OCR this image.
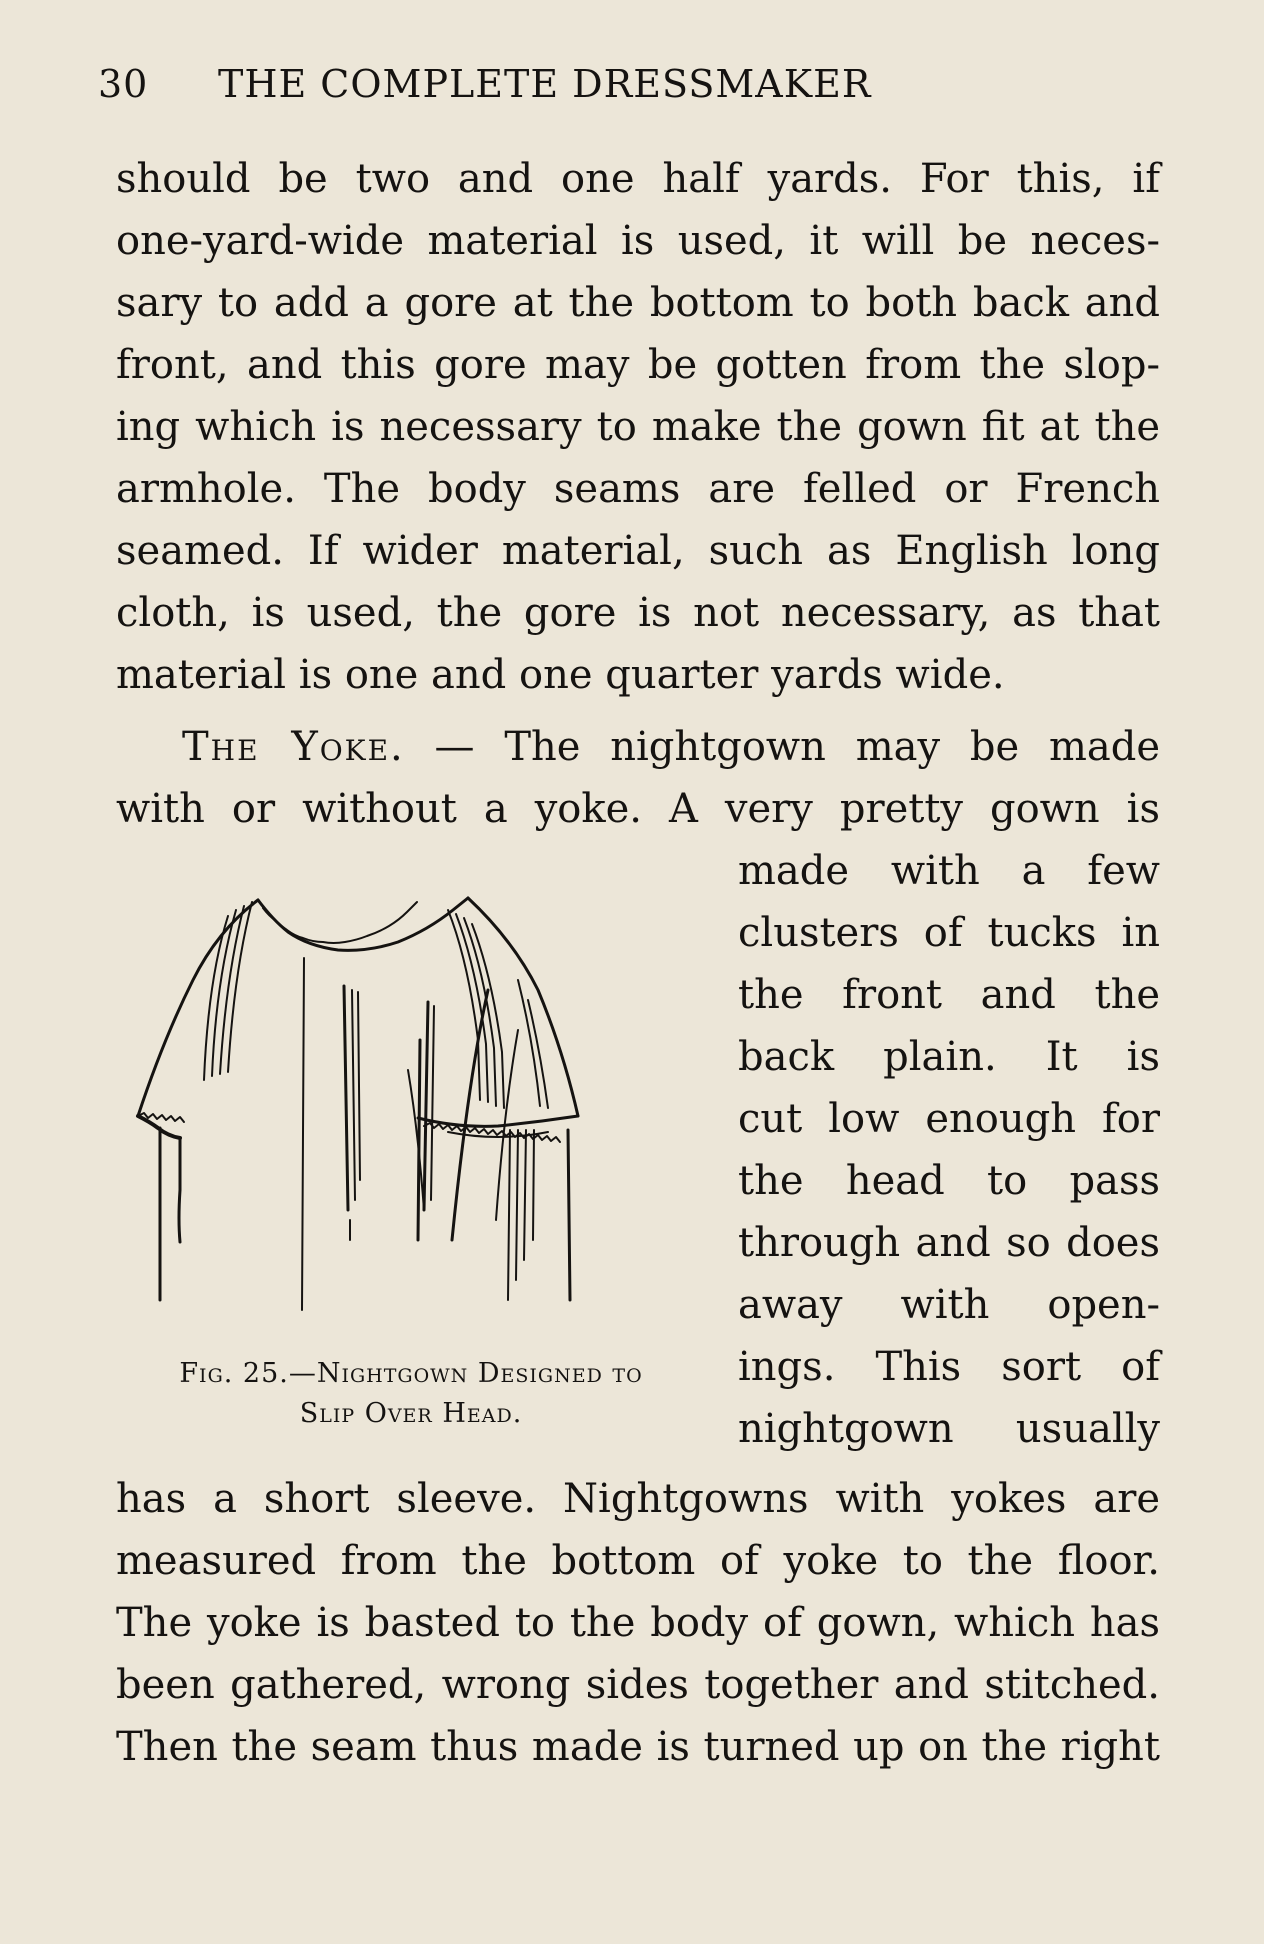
30 THE COMPLETE DRESSMAKER
should be two and one half yards. For this, if
one-yard-wide material is used, it will be neces-
sary to add a gore at the bottom to both back and
front, and this gore may be gotten from the slop-
ing which is necessary to make the gown fit at the
armhole. The body seams are felled or French
seamed. If wider material, such as English long
cloth, is used, the gore is not necessary, as that
material is one and one quarter yards wide.
The Yoke. — The nightgown may be made
with or without a yoke. A very pretty gown is
made with a few
clusters of tucks in
the front and the
back plain. It is
cut low enough for
the head to pass
through and so does
away with open-
ings. This sort of
nightgown usually
Fig. 25.—Nightgown Designed to
Slip Over Head.
has a short sleeve. Nightgowns with yokes are
measured from the bottom of yoke to the floor.
The yoke is basted to the body of gown, which has
been gathered, wrong sides together and stitched.
Then the seam thus made is turned up on the right
